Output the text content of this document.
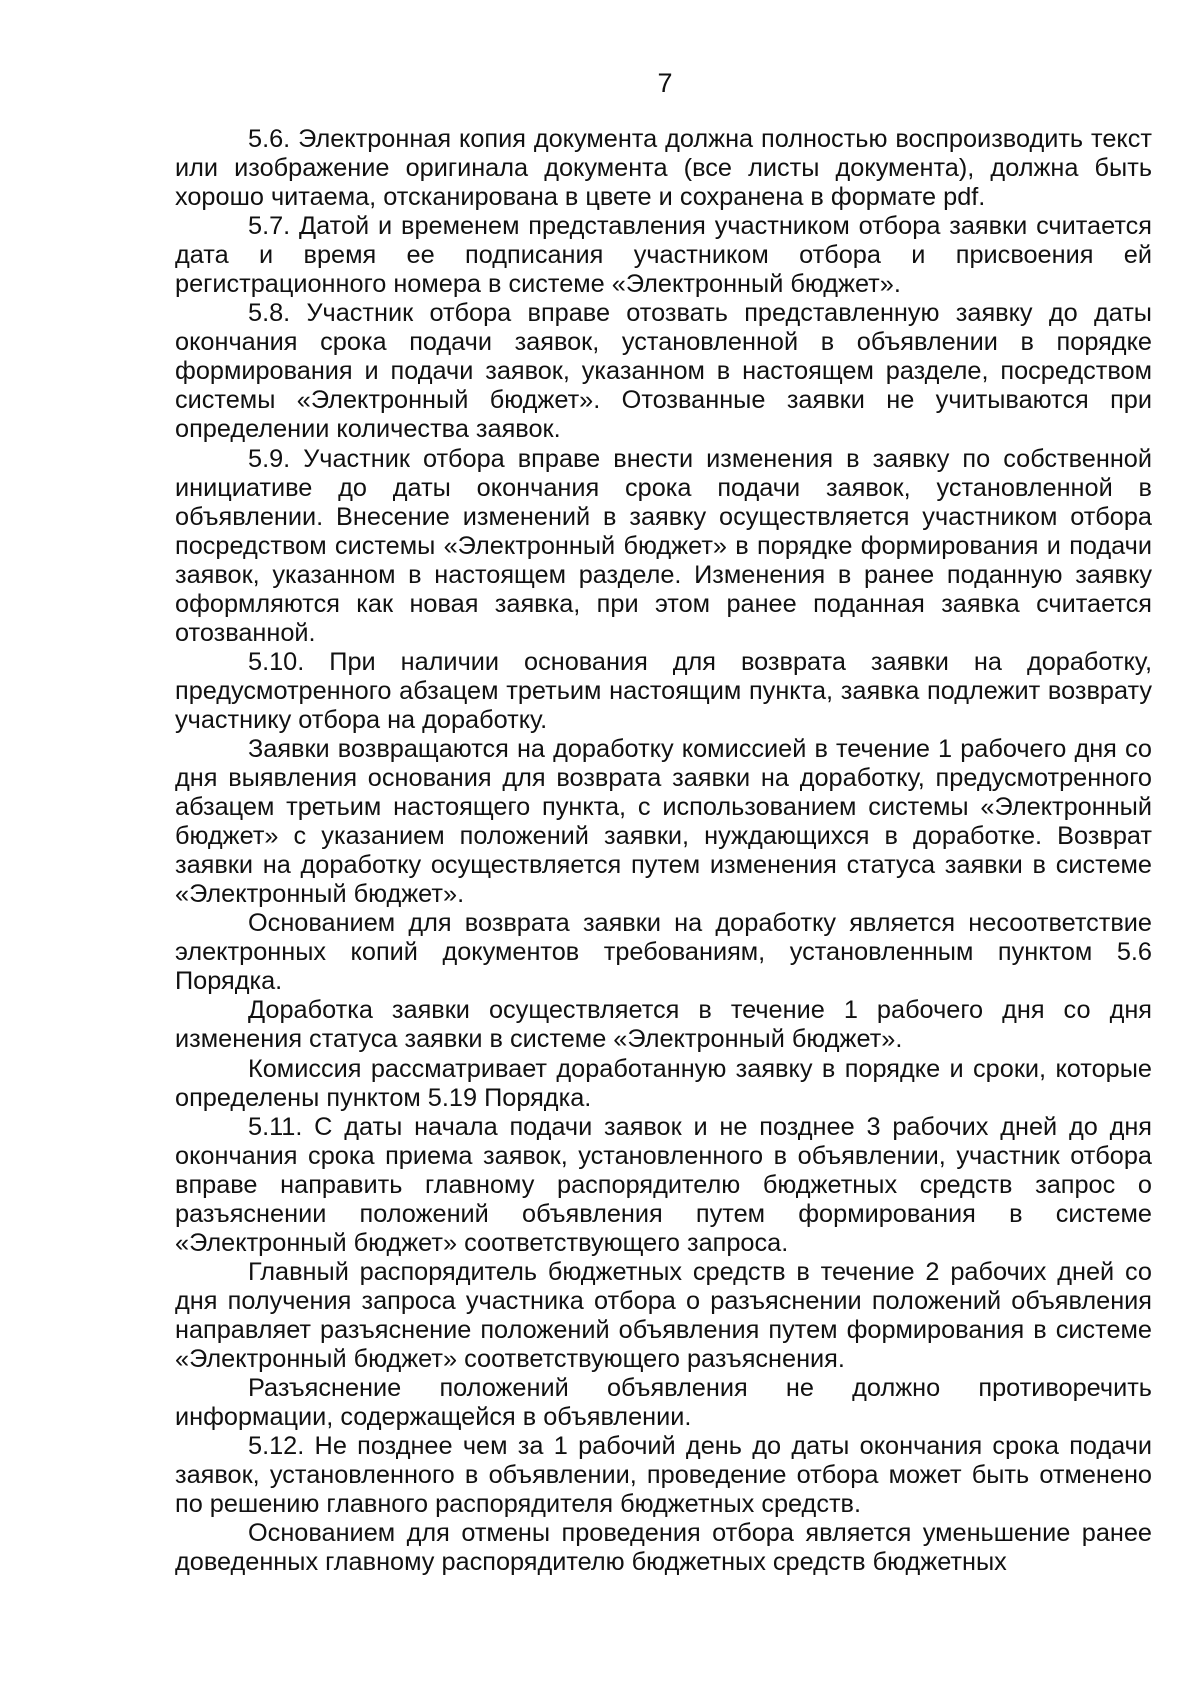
7

5.6. Электронная копия документа должна полностью воспроизводить текст или изображение оригинала документа (все листы документа), должна быть хорошо читаема, отсканирована в цвете и сохранена в формате pdf.

5.7. Датой и временем представления участником отбора заявки считается дата и время ее подписания участником отбора и присвоения ей регистрационного номера в системе «Электронный бюджет».

5.8. Участник отбора вправе отозвать представленную заявку до даты окончания срока подачи заявок, установленной в объявлении в порядке формирования и подачи заявок, указанном в настоящем разделе, посредством системы «Электронный бюджет». Отозванные заявки не учитываются при определении количества заявок.

5.9. Участник отбора вправе внести изменения в заявку по собственной инициативе до даты окончания срока подачи заявок, установленной в объявлении. Внесение изменений в заявку осуществляется участником отбора посредством системы «Электронный бюджет» в порядке формирования и подачи заявок, указанном в настоящем разделе. Изменения в ранее поданную заявку оформляются как новая заявка, при этом ранее поданная заявка считается отозванной.

5.10. При наличии основания для возврата заявки на доработку, предусмотренного абзацем третьим настоящим пункта, заявка подлежит возврату участнику отбора на доработку.

Заявки возвращаются на доработку комиссией в течение 1 рабочего дня со дня выявления основания для возврата заявки на доработку, предусмотренного абзацем третьим настоящего пункта, с использованием системы «Электронный бюджет» с указанием положений заявки, нуждающихся в доработке. Возврат заявки на доработку осуществляется путем изменения статуса заявки в системе «Электронный бюджет».

Основанием для возврата заявки на доработку является несоответствие электронных копий документов требованиям, установленным пунктом 5.6 Порядка.

Доработка заявки осуществляется в течение 1 рабочего дня со дня изменения статуса заявки в системе «Электронный бюджет».

Комиссия рассматривает доработанную заявку в порядке и сроки, которые определены пунктом 5.19 Порядка.

5.11. С даты начала подачи заявок и не позднее 3 рабочих дней до дня окончания срока приема заявок, установленного в объявлении, участник отбора вправе направить главному распорядителю бюджетных средств запрос о разъяснении положений объявления путем формирования в системе «Электронный бюджет» соответствующего запроса.

Главный распорядитель бюджетных средств в течение 2 рабочих дней со дня получения запроса участника отбора о разъяснении положений объявления направляет разъяснение положений объявления путем формирования в системе «Электронный бюджет» соответствующего разъяснения.

Разъяснение положений объявления не должно противоречить информации, содержащейся в объявлении.

5.12. Не позднее чем за 1 рабочий день до даты окончания срока подачи заявок, установленного в объявлении, проведение отбора может быть отменено по решению главного распорядителя бюджетных средств.

Основанием для отмены проведения отбора является уменьшение ранее доведенных главному распорядителю бюджетных средств бюджетных
